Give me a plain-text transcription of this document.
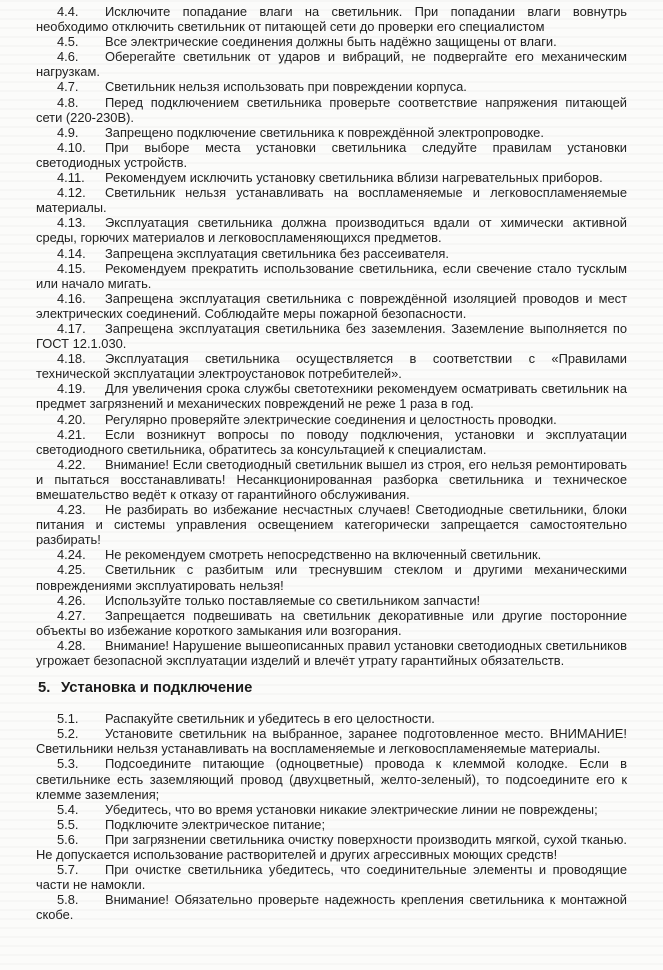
4.4. Исключите попадание влаги на светильник. При попадании влаги вовнутрь необходимо отключить светильник от питающей сети до проверки его специалистом

4.5. Все электрические соединения должны быть надёжно защищены от влаги.

4.6. Оберегайте светильник от ударов и вибраций, не подвергайте его механическим нагрузкам.

4.7. Светильник нельзя использовать при повреждении корпуса.

4.8. Перед подключением светильника проверьте соответствие напряжения питающей сети (220-230В).

4.9. Запрещено подключение светильника к повреждённой электропроводке.

4.10. При выборе места установки светильника следуйте правилам установки светодиодных устройств.

4.11. Рекомендуем исключить установку светильника вблизи нагревательных приборов.

4.12. Светильник нельзя устанавливать на воспламеняемые и легковоспламеняемые материалы.

4.13. Эксплуатация светильника должна производиться вдали от химически активной среды, горючих материалов и легковоспламеняющихся предметов.

4.14. Запрещена эксплуатация светильника без рассеивателя.

4.15. Рекомендуем прекратить использование светильника, если свечение стало тусклым или начало мигать.

4.16. Запрещена эксплуатация светильника с повреждённой изоляцией проводов и мест электрических соединений. Соблюдайте меры пожарной безопасности.

4.17. Запрещена эксплуатация светильника без заземления. Заземление выполняется по ГОСТ 12.1.030.

4.18. Эксплуатация светильника осуществляется в соответствии с «Правилами технической эксплуатации электроустановок потребителей».

4.19. Для увеличения срока службы светотехники рекомендуем осматривать светильник на предмет загрязнений и механических повреждений не реже 1 раза в год.

4.20. Регулярно проверяйте электрические соединения и целостность проводки.

4.21. Если возникнут вопросы по поводу подключения, установки и эксплуатации светодиодного светильника, обратитесь за консультацией к специалистам.

4.22. Внимание! Если светодиодный светильник вышел из строя, его нельзя ремонтировать и пытаться восстанавливать! Несанкционированная разборка светильника и техническое вмешательство ведёт к отказу от гарантийного обслуживания.

4.23. Не разбирать во избежание несчастных случаев! Светодиодные светильники, блоки питания и системы управления освещением категорически запрещается самостоятельно разбирать!

4.24. Не рекомендуем смотреть непосредственно на включенный светильник.

4.25. Светильник с разбитым или треснувшим стеклом и другими механическими повреждениями эксплуатировать нельзя!

4.26. Используйте только поставляемые со светильником запчасти!

4.27. Запрещается подвешивать на светильник декоративные или другие посторонние объекты во избежание короткого замыкания или возгорания.

4.28. Внимание! Нарушение вышеописанных правил установки светодиодных светильников угрожает безопасной эксплуатации изделий и влечёт утрату гарантийных обязательств.

5. Установка и подключение

5.1. Распакуйте светильник и убедитесь в его целостности.

5.2. Установите светильник на выбранное, заранее подготовленное место. ВНИМАНИЕ! Светильники нельзя устанавливать на воспламеняемые и легковоспламеняемые материалы.

5.3. Подсоедините питающие (одноцветные) провода к клеммой колодке. Если в светильнике есть заземляющий провод (двухцветный, желто-зеленый), то подсоедините его к клемме заземления;

5.4. Убедитесь, что во время установки никакие электрические линии не повреждены;

5.5. Подключите электрическое питание;

5.6. При загрязнении светильника очистку поверхности производить мягкой, сухой тканью. Не допускается использование растворителей и других агрессивных моющих средств!

5.7. При очистке светильника убедитесь, что соединительные элементы и проводящие части не намокли.

5.8. Внимание! Обязательно проверьте надежность крепления светильника к монтажной скобе.
